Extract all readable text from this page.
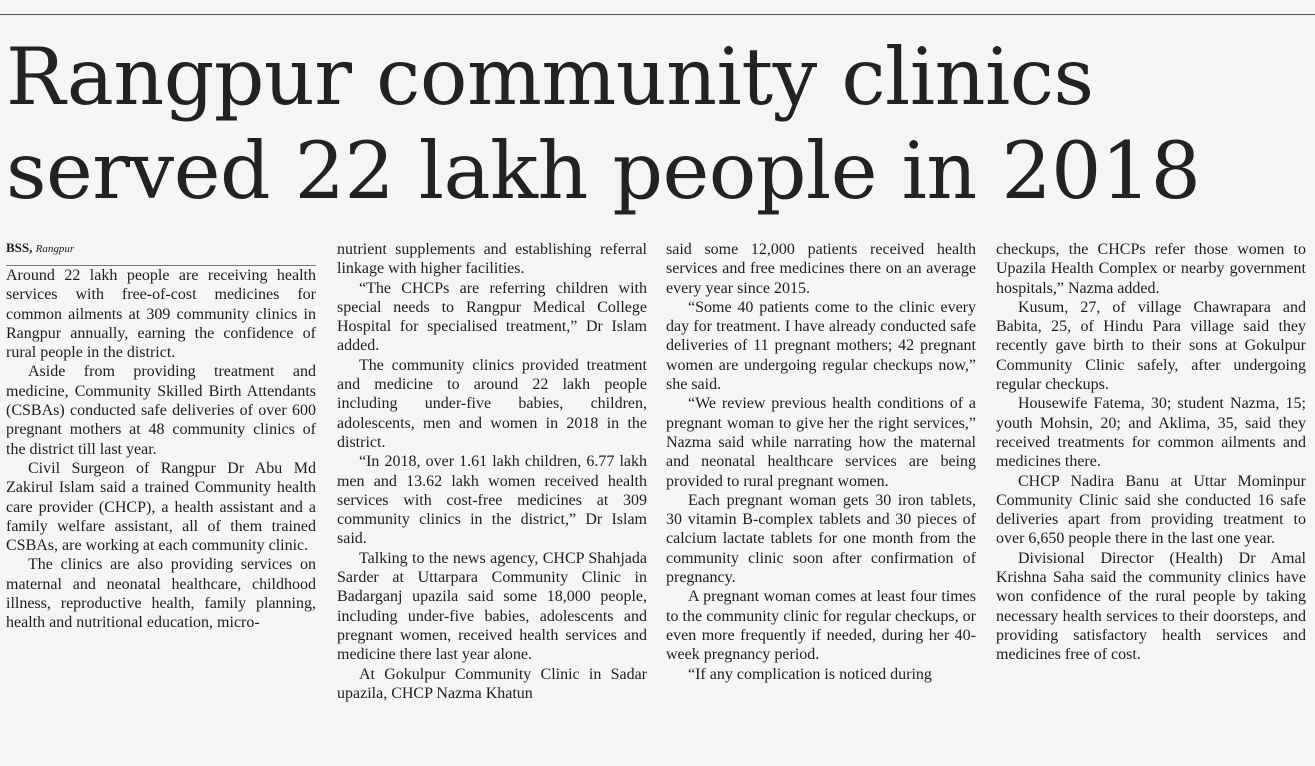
Rangpur community clinics
served 22 lakh people in 2018

BSS, Rangpur

Around 22 lakh people are receiving health services with free-of-cost medicines for common ailments at 309 community clinics in Rangpur annually, earning the confidence of rural people in the district.

Aside from providing treatment and medicine, Community Skilled Birth Attendants (CSBAs) conducted safe deliveries of over 600 pregnant mothers at 48 community clinics of the district till last year.

Civil Surgeon of Rangpur Dr Abu Md Zakirul Islam said a trained Community health care provider (CHCP), a health assistant and a family welfare assistant, all of them trained CSBAs, are working at each community clinic.

The clinics are also providing services on maternal and neonatal healthcare, childhood illness, reproductive health, family planning, health and nutritional education, micro-

nutrient supplements and establishing referral linkage with higher facilities.

“The CHCPs are referring children with special needs to Rangpur Medical College Hospital for specialised treatment,” Dr Islam added.

The community clinics provided treatment and medicine to around 22 lakh people including under-five babies, children, adolescents, men and women in 2018 in the district.

“In 2018, over 1.61 lakh children, 6.77 lakh men and 13.62 lakh women received health services with cost-free medicines at 309 community clinics in the district,” Dr Islam said.

Talking to the news agency, CHCP Shahjada Sarder at Uttarpara Community Clinic in Badarganj upazila said some 18,000 people, including under-five babies, adolescents and pregnant women, received health services and medicine there last year alone.

At Gokulpur Community Clinic in Sadar upazila, CHCP Nazma Khatun

said some 12,000 patients received health services and free medicines there on an average every year since 2015.

“Some 40 patients come to the clinic every day for treatment. I have already conducted safe deliveries of 11 pregnant mothers; 42 pregnant women are undergoing regular checkups now,” she said.

“We review previous health conditions of a pregnant woman to give her the right services,” Nazma said while narrating how the maternal and neonatal healthcare services are being provided to rural pregnant women.

Each pregnant woman gets 30 iron tablets, 30 vitamin B-complex tablets and 30 pieces of calcium lactate tablets for one month from the community clinic soon after confirmation of pregnancy.

A pregnant woman comes at least four times to the community clinic for regular checkups, or even more frequently if needed, during her 40-week pregnancy period.

“If any complication is noticed during

checkups, the CHCPs refer those women to Upazila Health Complex or nearby government hospitals,” Nazma added.

Kusum, 27, of village Chawrapara and Babita, 25, of Hindu Para village said they recently gave birth to their sons at Gokulpur Community Clinic safely, after undergoing regular checkups.

Housewife Fatema, 30; student Nazma, 15; youth Mohsin, 20; and Aklima, 35, said they received treatments for common ailments and medicines there.

CHCP Nadira Banu at Uttar Mominpur Community Clinic said she conducted 16 safe deliveries apart from providing treatment to over 6,650 people there in the last one year.

Divisional Director (Health) Dr Amal Krishna Saha said the community clinics have won confidence of the rural people by taking necessary health services to their doorsteps, and providing satisfactory health services and medicines free of cost.
